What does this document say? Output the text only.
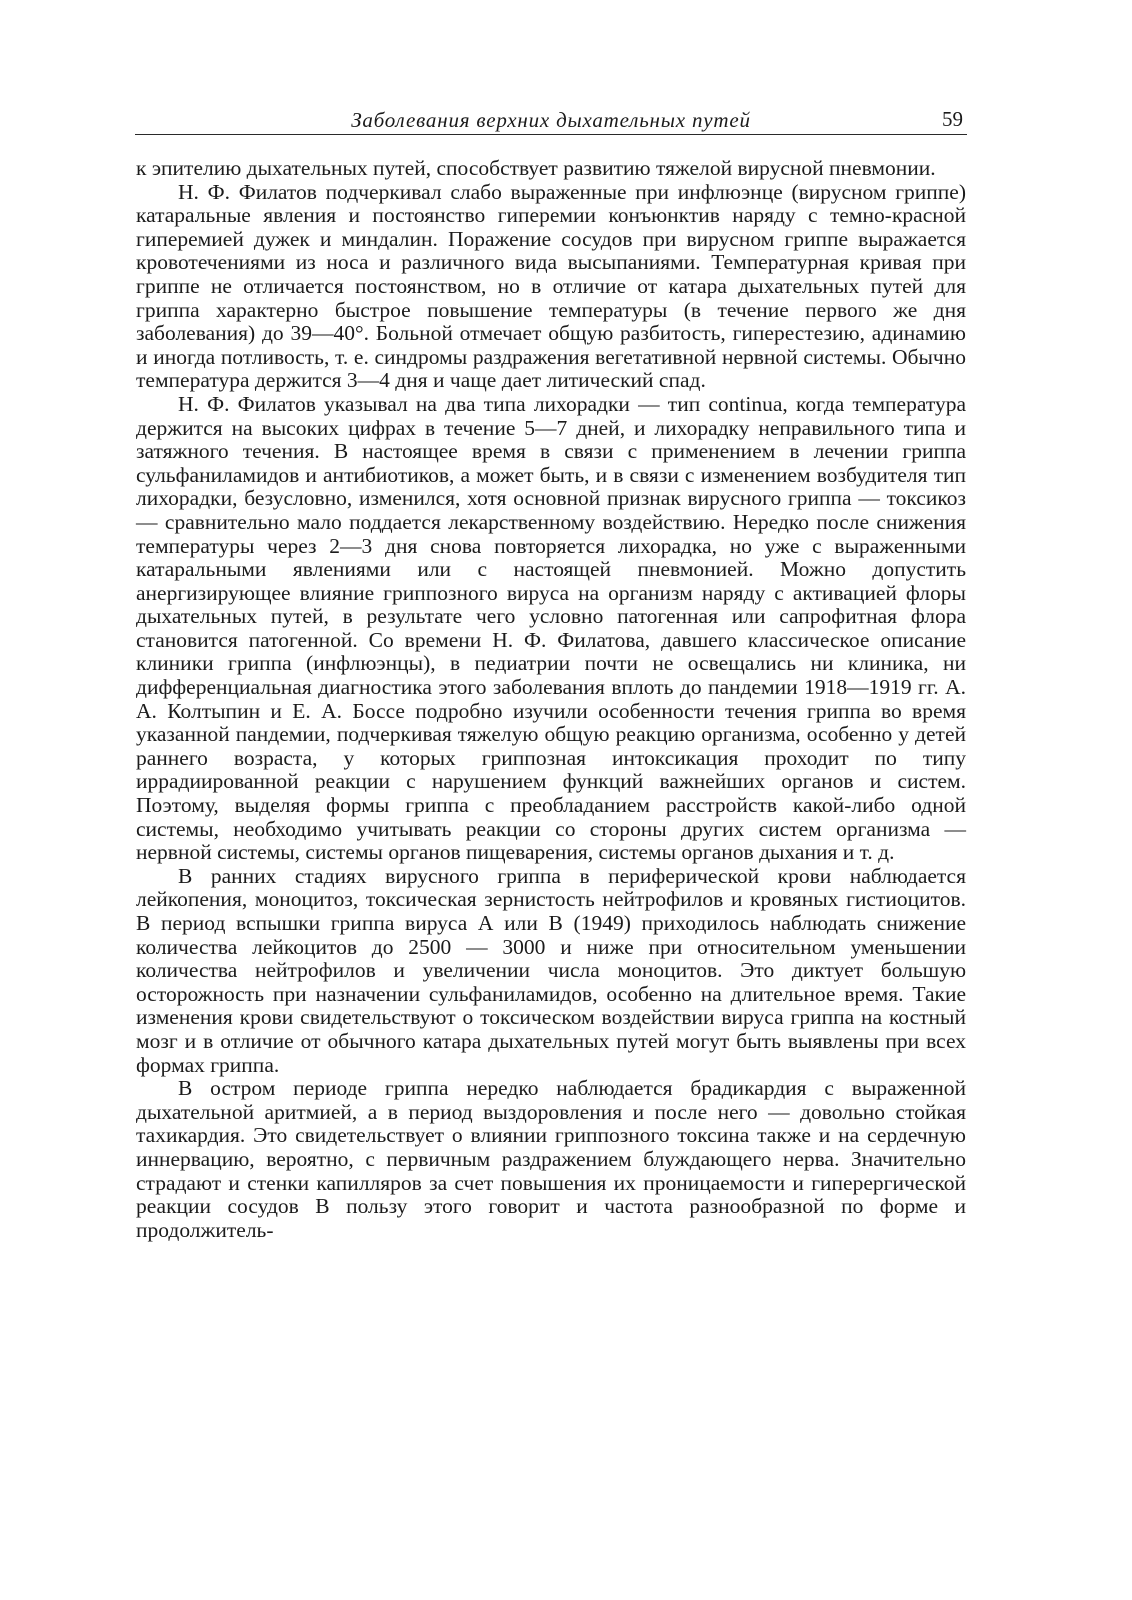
Заболевания верхних дыхательных путей	59

к эпителию дыхательных путей, способствует развитию тяжелой вирусной пневмонии.

Н. Ф. Филатов подчеркивал слабо выраженные при инфлюэнце (вирусном гриппе) катаральные явления и постоянство гиперемии конъюнктив наряду с темно-красной гиперемией дужек и миндалин. Поражение сосудов при вирусном гриппе выражается кровотечениями из носа и различного вида высыпаниями. Температурная кривая при гриппе не отличается постоянством, но в отличие от катара дыхательных путей для гриппа характерно быстрое повышение температуры (в течение первого же дня заболевания) до 39—40°. Больной отмечает общую разбитость, гиперестезию, адинамию и иногда потливость, т. е. синдромы раздражения вегетативной нервной системы. Обычно температура держится 3—4 дня и чаще дает литический спад.

Н. Ф. Филатов указывал на два типа лихорадки — тип continua, когда температура держится на высоких цифрах в течение 5—7 дней, и лихорадку неправильного типа и затяжного течения. В настоящее время в связи с применением в лечении гриппа сульфаниламидов и антибиотиков, а может быть, и в связи с изменением возбудителя тип лихорадки, безусловно, изменился, хотя основной признак вирусного гриппа — токсикоз — сравнительно мало поддается лекарственному воздействию. Нередко после снижения температуры через 2—3 дня снова повторяется лихорадка, но уже с выраженными катаральными явлениями или с настоящей пневмонией. Можно допустить анергизирующее влияние гриппозного вируса на организм наряду с активацией флоры дыхательных путей, в результате чего условно патогенная или сапрофитная флора становится патогенной. Со времени Н. Ф. Филатова, давшего классическое описание клиники гриппа (инфлюэнцы), в педиатрии почти не освещались ни клиника, ни дифференциальная диагностика этого заболевания вплоть до пандемии 1918—1919 гг. А. А. Колтыпин и Е. А. Боссе подробно изучили особенности течения гриппа во время указанной пандемии, подчеркивая тяжелую общую реакцию организма, особенно у детей раннего возраста, у которых гриппозная интоксикация проходит по типу иррадиированной реакции с нарушением функций важнейших органов и систем. Поэтому, выделяя формы гриппа с преобладанием расстройств какой-либо одной системы, необходимо учитывать реакции со стороны других систем организма — нервной системы, системы органов пищеварения, системы органов дыхания и т. д.

В ранних стадиях вирусного гриппа в периферической крови наблюдается лейкопения, моноцитоз, токсическая зернистость нейтрофилов и кровяных гистиоцитов. В период вспышки гриппа вируса А или В (1949) приходилось наблюдать снижение количества лейкоцитов до 2500 — 3000 и ниже при относительном уменьшении количества нейтрофилов и увеличении числа моноцитов. Это диктует большую осторожность при назначении сульфаниламидов, особенно на длительное время. Такие изменения крови свидетельствуют о токсическом воздействии вируса гриппа на костный мозг и в отличие от обычного катара дыхательных путей могут быть выявлены при всех формах гриппа.

В остром периоде гриппа нередко наблюдается брадикардия с выраженной дыхательной аритмией, а в период выздоровления и после него — довольно стойкая тахикардия. Это свидетельствует о влиянии гриппозного токсина также и на сердечную иннервацию, вероятно, с первичным раздражением блуждающего нерва. Значительно страдают и стенки капилляров за счет повышения их проницаемости и гиперергической реакции сосудов В пользу этого говорит и частота разнообразной по форме и продолжитель-
